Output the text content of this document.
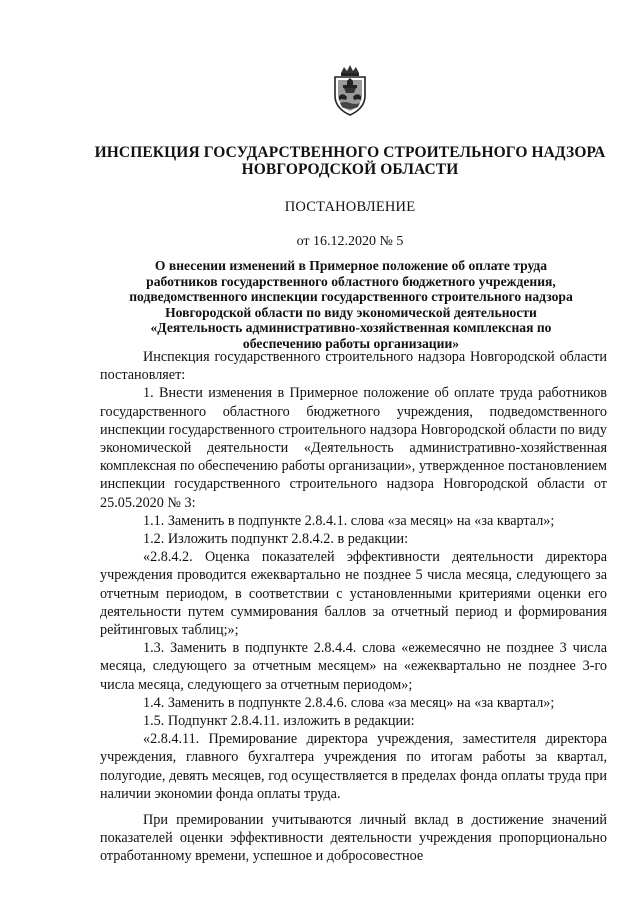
ИНСПЕКЦИЯ ГОСУДАРСТВЕННОГО СТРОИТЕЛЬНОГО НАДЗОРА
НОВГОРОДСКОЙ ОБЛАСТИ
ПОСТАНОВЛЕНИЕ
от 16.12.2020 № 5
О внесении изменений в Примерное положение об оплате труда
работников государственного областного бюджетного учреждения,
подведомственного инспекции государственного строительного надзора
Новгородской области по виду экономической деятельности
«Деятельность административно-хозяйственная комплексная по
обеспечению работы организации»

Инспекция государственного строительного надзора Новгородской области постановляет:

1. Внести изменения в Примерное положение об оплате труда работников государственного областного бюджетного учреждения, подведомственного инспекции государственного строительного надзора Новгородской области по виду экономической деятельности «Деятельность административно-хозяйственная комплексная по обеспечению работы организации», утвержденное постановлением инспекции государственного строительного надзора Новгородской области от 25.05.2020 № 3:

1.1. Заменить в подпункте 2.8.4.1. слова «за месяц» на «за квартал»;

1.2. Изложить подпункт 2.8.4.2. в редакции:

«2.8.4.2. Оценка показателей эффективности деятельности директора учреждения проводится ежеквартально не позднее 5 числа месяца, следующего за отчетным периодом, в соответствии с установленными критериями оценки его деятельности путем суммирования баллов за отчетный период и формирования рейтинговых таблиц;»;

1.3. Заменить в подпункте 2.8.4.4. слова «ежемесячно не позднее 3 числа месяца, следующего за отчетным месяцем» на «ежеквартально не позднее 3-го числа месяца, следующего за отчетным периодом»;

1.4. Заменить в подпункте 2.8.4.6. слова «за месяц» на «за квартал»;

1.5. Подпункт 2.8.4.11. изложить в редакции:

«2.8.4.11. Премирование директора учреждения, заместителя директора учреждения, главного бухгалтера учреждения по итогам работы за квартал, полугодие, девять месяцев, год осуществляется в пределах фонда оплаты труда при наличии экономии фонда оплаты труда.

При премировании учитываются личный вклад в достижение значений показателей оценки эффективности деятельности учреждения пропорционально отработанному времени, успешное и добросовестное
